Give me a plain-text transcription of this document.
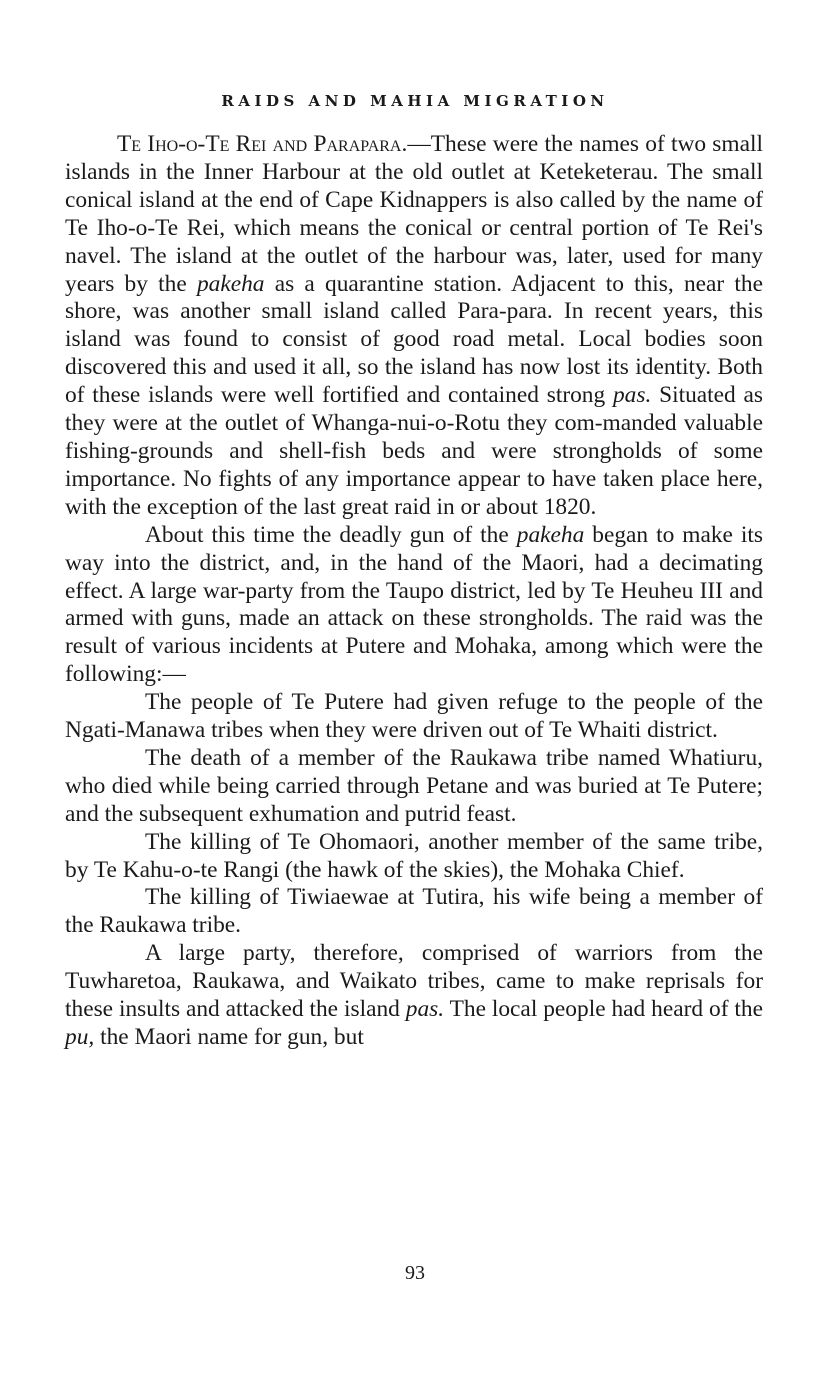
RAIDS AND MAHIA MIGRATION

Te Iho-o-Te Rei and Parapara.—These were the names of two small islands in the Inner Harbour at the old outlet at Keteketerau. The small conical island at the end of Cape Kidnappers is also called by the name of Te Iho-o-Te Rei, which means the conical or central portion of Te Rei's navel. The island at the outlet of the harbour was, later, used for many years by the pakeha as a quarantine station. Adjacent to this, near the shore, was another small island called Para-para. In recent years, this island was found to consist of good road metal. Local bodies soon discovered this and used it all, so the island has now lost its identity. Both of these islands were well fortified and contained strong pas. Situated as they were at the outlet of Whanga-nui-o-Rotu they com-manded valuable fishing-grounds and shell-fish beds and were strongholds of some importance. No fights of any importance appear to have taken place here, with the exception of the last great raid in or about 1820.

About this time the deadly gun of the pakeha began to make its way into the district, and, in the hand of the Maori, had a decimating effect. A large war-party from the Taupo district, led by Te Heuheu III and armed with guns, made an attack on these strongholds. The raid was the result of various incidents at Putere and Mohaka, among which were the following:—

The people of Te Putere had given refuge to the people of the Ngati-Manawa tribes when they were driven out of Te Whaiti district.

The death of a member of the Raukawa tribe named Whatiuru, who died while being carried through Petane and was buried at Te Putere; and the subsequent exhumation and putrid feast.

The killing of Te Ohomaori, another member of the same tribe, by Te Kahu-o-te Rangi (the hawk of the skies), the Mohaka Chief.

The killing of Tiwiaewae at Tutira, his wife being a member of the Raukawa tribe.

A large party, therefore, comprised of warriors from the Tuwharetoa, Raukawa, and Waikato tribes, came to make reprisals for these insults and attacked the island pas. The local people had heard of the pu, the Maori name for gun, but

93
